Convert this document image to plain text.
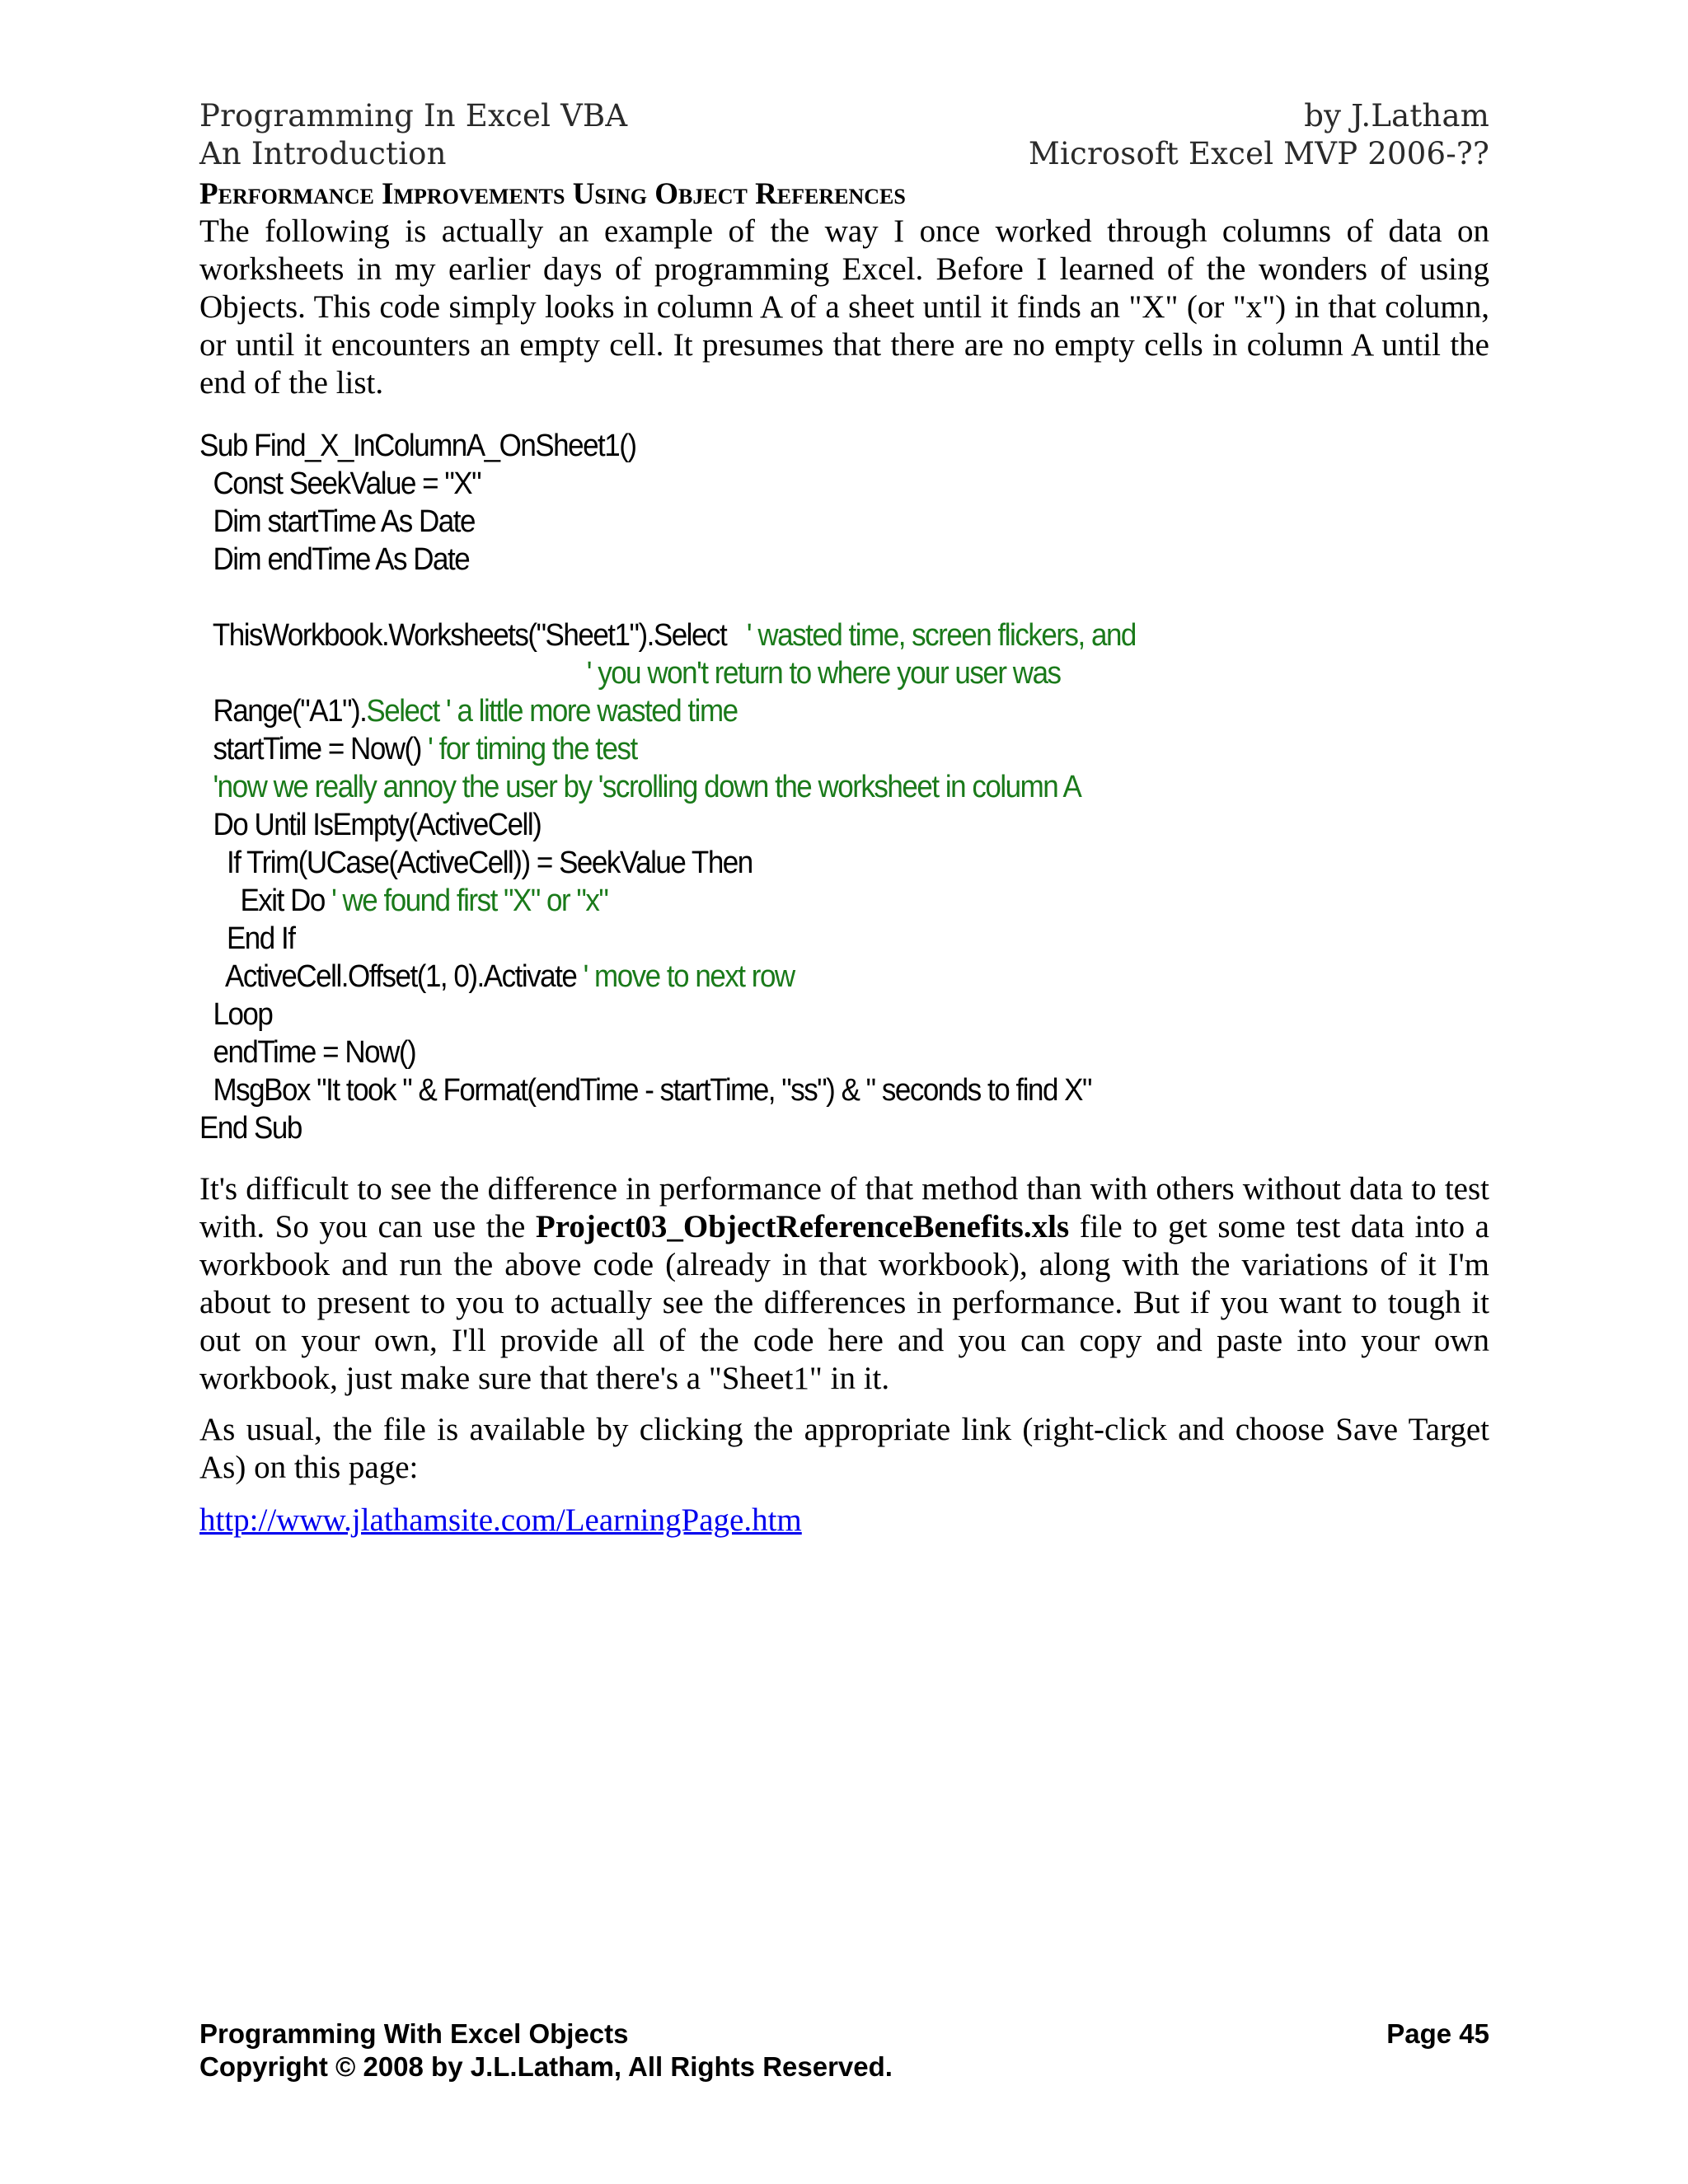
Programming In Excel VBA	by J.Latham
An Introduction	Microsoft Excel MVP 2006-??
Performance Improvements Using Object References

The following is actually an example of the way I once worked through columns of data on worksheets in my earlier days of programming Excel. Before I learned of the wonders of using Objects. This code simply looks in column A of a sheet until it finds an "X" (or "x") in that column, or until it encounters an empty cell. It presumes that there are no empty cells in column A until the end of the list.

Sub Find_X_InColumnA_OnSheet1()
Const SeekValue = "X"
Dim startTime As Date
Dim endTime As Date
ThisWorkbook.Worksheets("Sheet1").Select   ' wasted time, screen flickers, and
' you won't return to where your user was
Range("A1").Select ' a little more wasted time
startTime = Now() ' for timing the test
'now we really annoy the user by 'scrolling down the worksheet in column A
Do Until IsEmpty(ActiveCell)
If Trim(UCase(ActiveCell)) = SeekValue Then
Exit Do ' we found first "X" or "x"
End If
ActiveCell.Offset(1, 0).Activate ' move to next row
Loop
endTime = Now()
MsgBox "It took " & Format(endTime - startTime, "ss") & " seconds to find X"
End Sub

It's difficult to see the difference in performance of that method than with others without data to test with. So you can use the Project03_ObjectReferenceBenefits.xls file to get some test data into a workbook and run the above code (already in that workbook), along with the variations of it I'm about to present to you to actually see the differences in performance. But if you want to tough it out on your own, I'll provide all of the code here and you can copy and paste into your own workbook, just make sure that there's a "Sheet1" in it.

As usual, the file is available by clicking the appropriate link (right-click and choose Save Target As) on this page:

http://www.jlathamsite.com/LearningPage.htm
Programming With Excel Objects	Page 45
Copyright © 2008 by J.L.Latham, All Rights Reserved.
